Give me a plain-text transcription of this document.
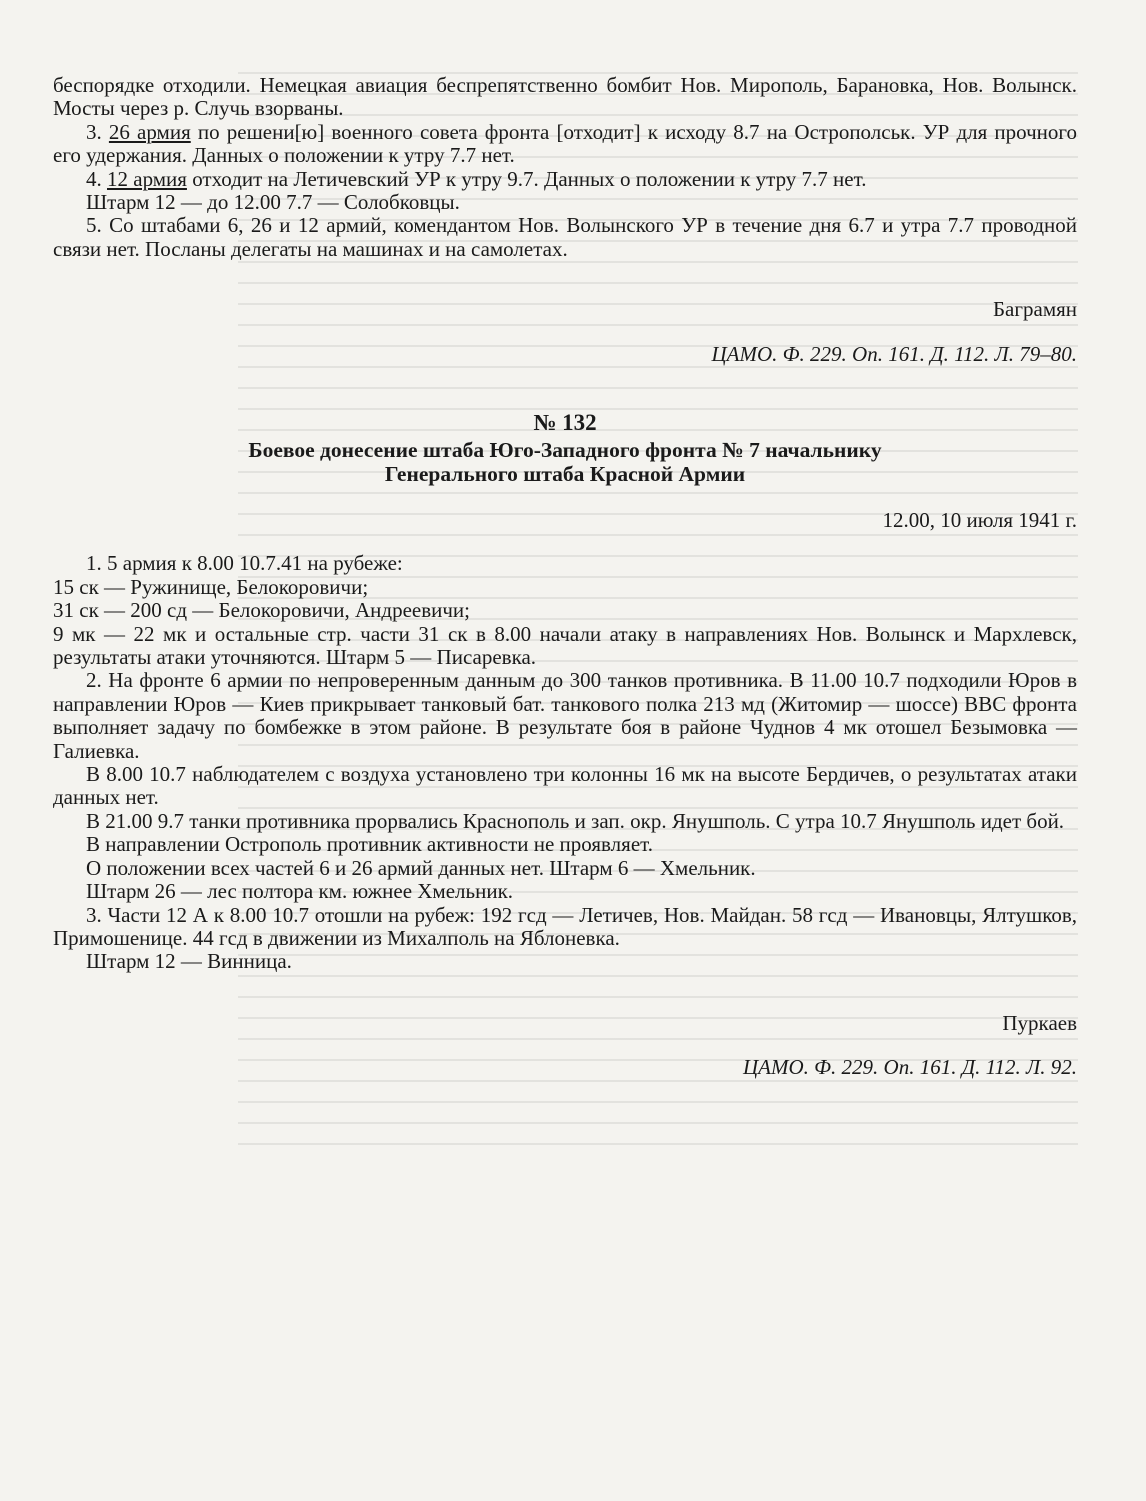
беспорядке отходили. Немецкая авиация беспрепятственно бомбит Нов. Мирополь, Барановка, Нов. Волынск. Мосты через р. Случь взорваны.

3. 26 армия по решени[ю] военного совета фронта [отходит] к исходу 8.7 на Острополськ. УР для прочного его удержания. Данных о положении к утру 7.7 нет.

4. 12 армия отходит на Летичевский УР к утру 9.7. Данных о положении к утру 7.7 нет.

Штарм 12 — до 12.00 7.7 — Солобковцы.

5. Со штабами 6, 26 и 12 армий, комендантом Нов. Волынского УР в течение дня 6.7 и утра 7.7 проводной связи нет. Посланы делегаты на машинах и на самолетах.

Баграмян

ЦАМО. Ф. 229. Оп. 161. Д. 112. Л. 79–80.

№ 132

Боевое донесение штаба Юго-Западного фронта № 7 начальнику

Генерального штаба Красной Армии

12.00, 10 июля 1941 г.

1. 5 армия к 8.00 10.7.41 на рубеже:

15 ск — Ружинище, Белокоровичи;

31 ск — 200 сд — Белокоровичи, Андреевичи;

9 мк — 22 мк и остальные стр. части 31 ск в 8.00 начали атаку в направлениях Нов. Волынск и Мархлевск, результаты атаки уточняются. Штарм 5 — Писаревка.

2. На фронте 6 армии по непроверенным данным до 300 танков противника. В 11.00 10.7 подходили Юров в направлении Юров — Киев прикрывает танковый бат. танкового полка 213 мд (Житомир — шоссе) ВВС фронта выполняет задачу по бомбежке в этом районе. В результате боя в районе Чуднов 4 мк отошел Безымовка — Галиевка.

В 8.00 10.7 наблюдателем с воздуха установлено три колонны 16 мк на высоте Бердичев, о результатах атаки данных нет.

В 21.00 9.7 танки противника прорвались Краснополь и зап. окр. Янушполь. С утра 10.7 Янушполь идет бой.

В направлении Острополь противник активности не проявляет.

О положении всех частей 6 и 26 армий данных нет. Штарм 6 — Хмельник.

Штарм 26 — лес полтора км. южнее Хмельник.

3. Части 12 А к 8.00 10.7 отошли на рубеж: 192 гсд — Летичев, Нов. Майдан. 58 гсд — Ивановцы, Ялтушков, Примошенице. 44 гсд в движении из Михалполь на Яблоневка.

Штарм 12 — Винница.

Пуркаев

ЦАМО. Ф. 229. Оп. 161. Д. 112. Л. 92.
